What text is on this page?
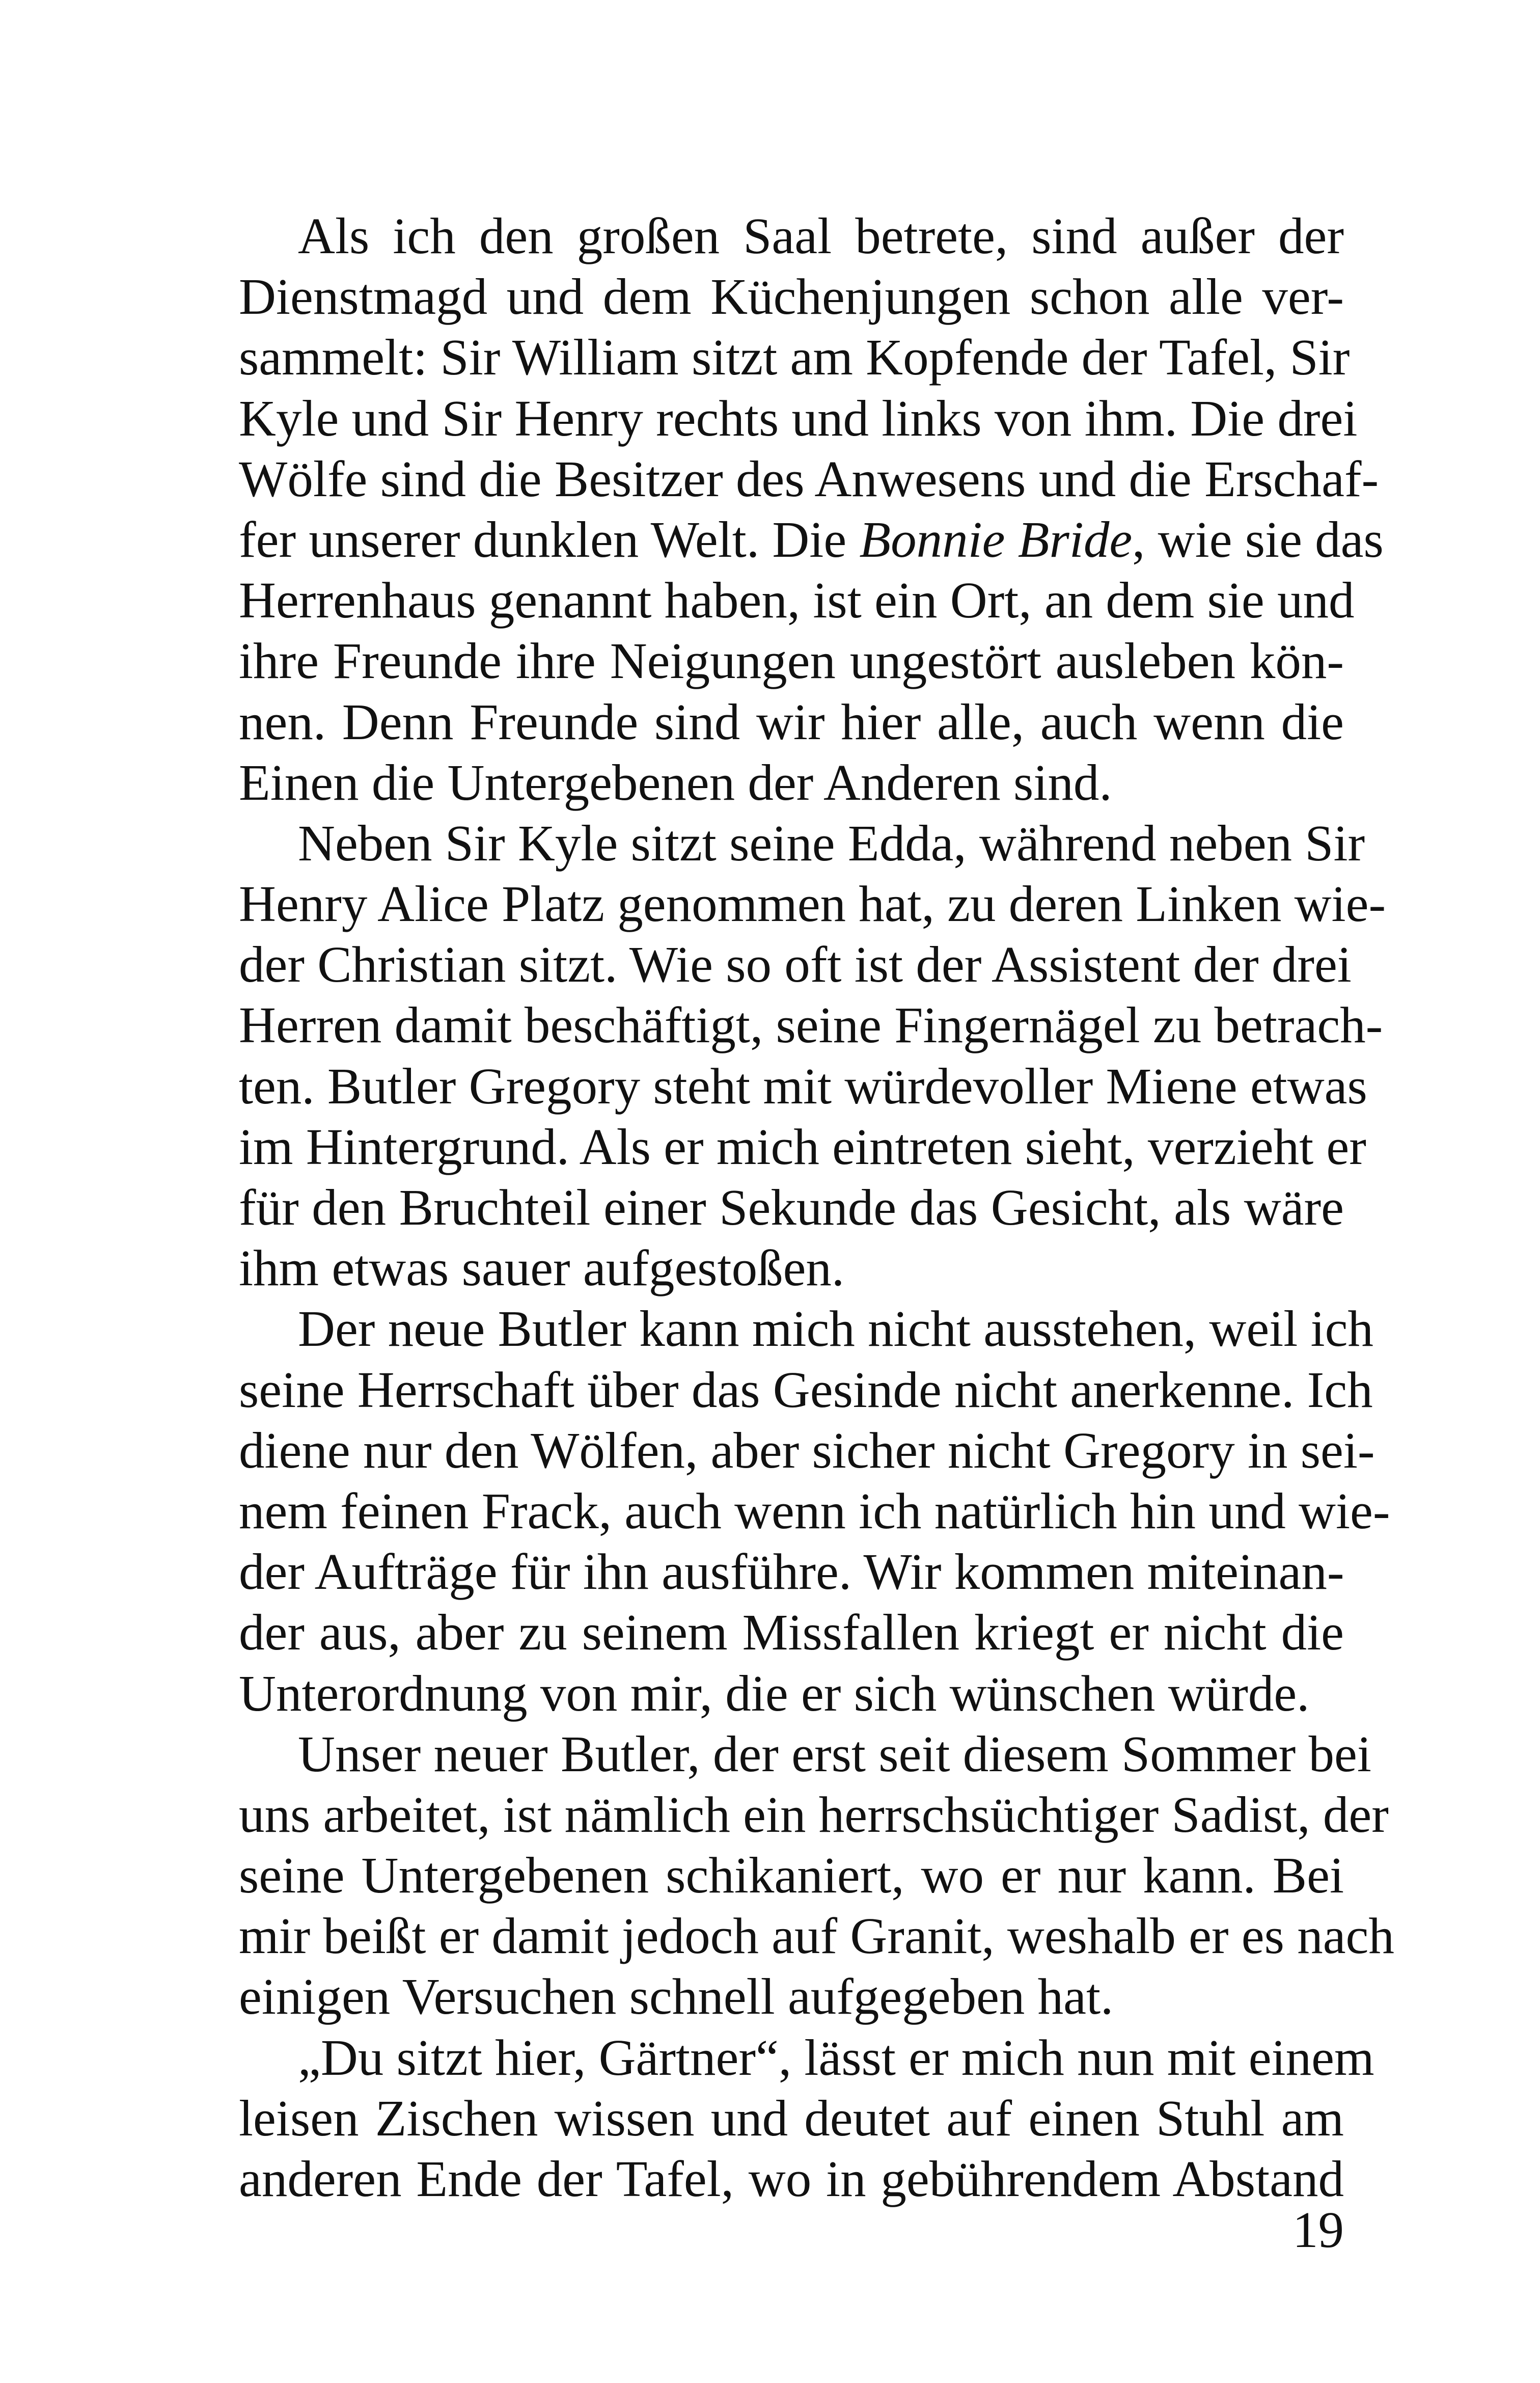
Als ich den großen Saal betrete, sind außer der
Dienstmagd und dem Küchenjungen schon alle ver-
sammelt: Sir William sitzt am Kopfende der Tafel, Sir
Kyle und Sir Henry rechts und links von ihm. Die drei
Wölfe sind die Besitzer des Anwesens und die Erschaf-
fer unserer dunklen Welt. Die Bonnie Bride, wie sie das
Herrenhaus genannt haben, ist ein Ort, an dem sie und
ihre Freunde ihre Neigungen ungestört ausleben kön-
nen. Denn Freunde sind wir hier alle, auch wenn die
Einen die Untergebenen der Anderen sind.
Neben Sir Kyle sitzt seine Edda, während neben Sir
Henry Alice Platz genommen hat, zu deren Linken wie-
der Christian sitzt. Wie so oft ist der Assistent der drei
Herren damit beschäftigt, seine Fingernägel zu betrach-
ten. Butler Gregory steht mit würdevoller Miene etwas
im Hintergrund. Als er mich eintreten sieht, verzieht er
für den Bruchteil einer Sekunde das Gesicht, als wäre
ihm etwas sauer aufgestoßen.
Der neue Butler kann mich nicht ausstehen, weil ich
seine Herrschaft über das Gesinde nicht anerkenne. Ich
diene nur den Wölfen, aber sicher nicht Gregory in sei-
nem feinen Frack, auch wenn ich natürlich hin und wie-
der Aufträge für ihn ausführe. Wir kommen miteinan-
der aus, aber zu seinem Missfallen kriegt er nicht die
Unterordnung von mir, die er sich wünschen würde.
Unser neuer Butler, der erst seit diesem Sommer bei
uns arbeitet, ist nämlich ein herrschsüchtiger Sadist, der
seine Untergebenen schikaniert, wo er nur kann. Bei
mir beißt er damit jedoch auf Granit, weshalb er es nach
einigen Versuchen schnell aufgegeben hat.
„Du sitzt hier, Gärtner“, lässt er mich nun mit einem
leisen Zischen wissen und deutet auf einen Stuhl am
anderen Ende der Tafel, wo in gebührendem Abstand
19
